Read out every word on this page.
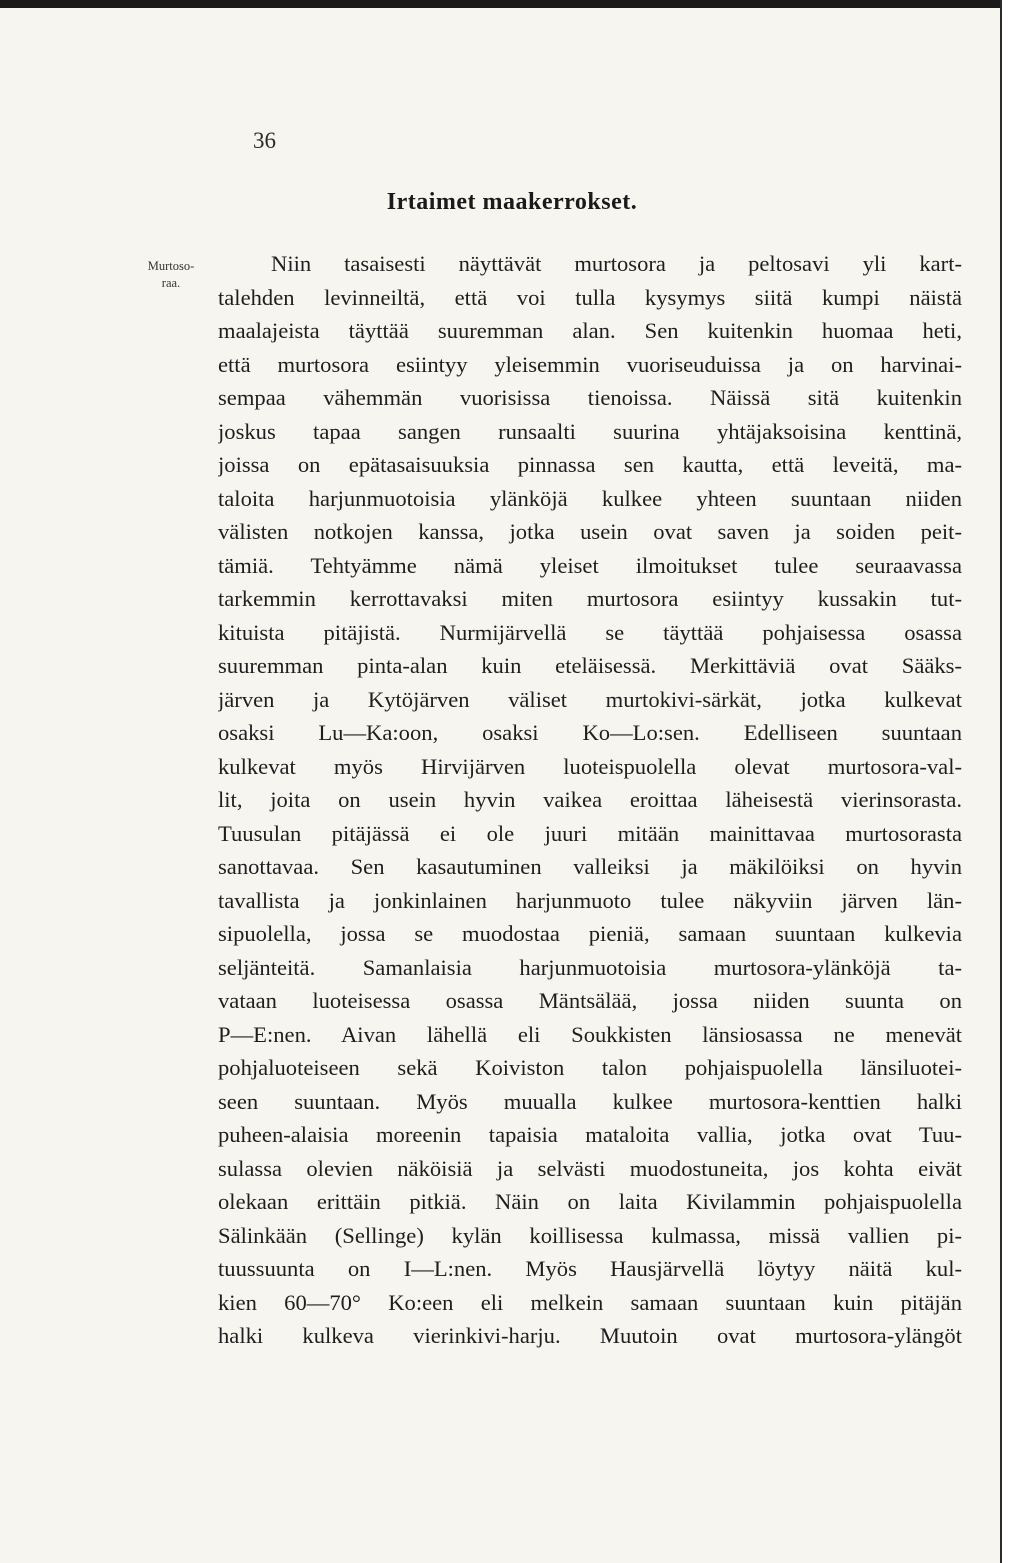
36
Irtaimet maakerrokset.
Murtoso-
raa.
Niin tasaisesti näyttävät murtosora ja peltosavi yli kart-
talehden levinneiltä, että voi tulla kysymys siitä kumpi näistä
maalajeista täyttää suuremman alan. Sen kuitenkin huomaa heti,
että murtosora esiintyy yleisemmin vuoriseuduissa ja on harvinai-
sempaa vähemmän vuorisissa tienoissa. Näissä sitä kuitenkin
joskus tapaa sangen runsaalti suurina yhtäjaksoisina kenttinä,
joissa on epätasaisuuksia pinnassa sen kautta, että leveitä, ma-
taloita harjunmuotoisia ylänköjä kulkee yhteen suuntaan niiden
välisten notkojen kanssa, jotka usein ovat saven ja soiden peit-
tämiä. Tehtyämme nämä yleiset ilmoitukset tulee seuraavassa
tarkemmin kerrottavaksi miten murtosora esiintyy kussakin tut-
kituista pitäjistä. Nurmijärvellä se täyttää pohjaisessa osassa
suuremman pinta-alan kuin eteläisessä. Merkittäviä ovat Sääks-
järven ja Kytöjärven väliset murtokivi-särkät, jotka kulkevat
osaksi Lu—Ka:oon, osaksi Ko—Lo:sen. Edelliseen suuntaan
kulkevat myös Hirvijärven luoteispuolella olevat murtosora-val-
lit, joita on usein hyvin vaikea eroittaa läheisestä vierinsorasta.
Tuusulan pitäjässä ei ole juuri mitään mainittavaa murtosorasta
sanottavaa. Sen kasautuminen valleiksi ja mäkilöiksi on hyvin
tavallista ja jonkinlainen harjunmuoto tulee näkyviin järven län-
sipuolella, jossa se muodostaa pieniä, samaan suuntaan kulkevia
seljänteitä. Samanlaisia harjunmuotoisia murtosora-ylänköjä ta-
vataan luoteisessa osassa Mäntsälää, jossa niiden suunta on
P—E:nen. Aivan lähellä eli Soukkisten länsiosassa ne menevät
pohjaluoteiseen sekä Koiviston talon pohjaispuolella länsiluotei-
seen suuntaan. Myös muualla kulkee murtosora-kenttien halki
puheen-alaisia moreenin tapaisia mataloita vallia, jotka ovat Tuu-
sulassa olevien näköisiä ja selvästi muodostuneita, jos kohta eivät
olekaan erittäin pitkiä. Näin on laita Kivilammin pohjaispuolella
Sälinkään (Sellinge) kylän koillisessa kulmassa, missä vallien pi-
tuussuunta on I—L:nen. Myös Hausjärvellä löytyy näitä kul-
kien 60—70° Ko:een eli melkein samaan suuntaan kuin pitäjän
halki kulkeva vierinkivi-harju. Muutoin ovat murtosora-ylängöt
